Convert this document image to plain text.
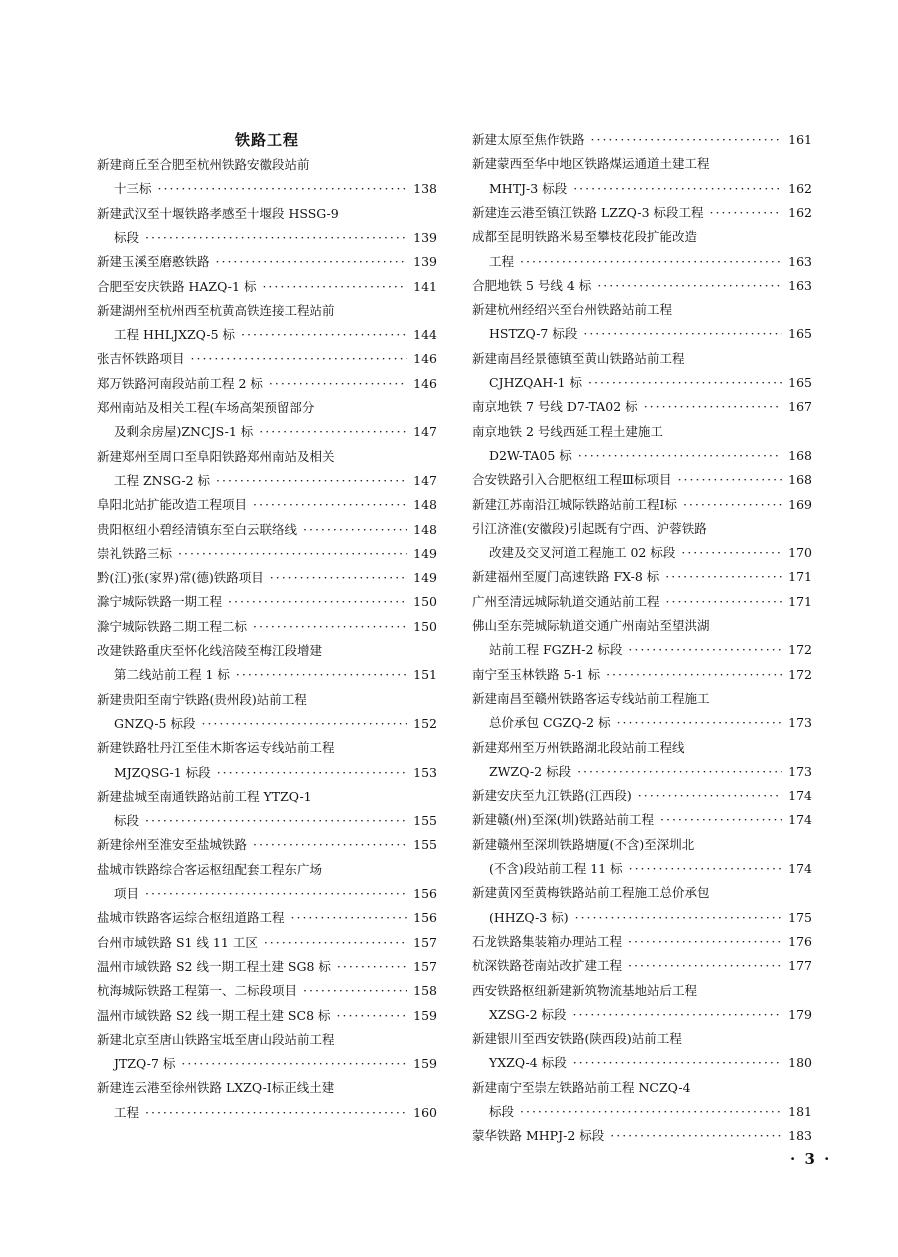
铁路工程
新建商丘至合肥至杭州铁路安徽段站前
十三标 ·····	138
新建武汉至十堰铁路孝感至十堰段 HSSG-9
标段 ·····	139
新建玉溪至磨憨铁路 ·····	139
合肥至安庆铁路 HAZQ-1 标 ·····	141
新建湖州至杭州西至杭黄高铁连接工程站前
工程 HHLJXZQ-5 标 ·····	144
张吉怀铁路项目 ·····	146
郑万铁路河南段站前工程 2 标 ·····	146
郑州南站及相关工程(车场高架预留部分
及剩余房屋)ZNCJS-1 标 ·····	147
新建郑州至周口至阜阳铁路郑州南站及相关
工程 ZNSG-2 标 ·····	147
阜阳北站扩能改造工程项目 ·····	148
贵阳枢纽小碧经清镇东至白云联络线 ·····	148
崇礼铁路三标 ·····	149
黔(江)张(家界)常(德)铁路项目 ·····	149
滁宁城际铁路一期工程 ·····	150
滁宁城际铁路二期工程二标 ·····	150
改建铁路重庆至怀化线涪陵至梅江段增建
第二线站前工程 1 标 ·····	151
新建贵阳至南宁铁路(贵州段)站前工程
GNZQ-5 标段 ·····	152
新建铁路牡丹江至佳木斯客运专线站前工程
MJZQSG-1 标段 ·····	153
新建盐城至南通铁路站前工程 YTZQ-1
标段 ·····	155
新建徐州至淮安至盐城铁路 ·····	155
盐城市铁路综合客运枢纽配套工程东广场
项目 ·····	156
盐城市铁路客运综合枢纽道路工程 ·····	156
台州市域铁路 S1 线 11 工区 ·····	157
温州市域铁路 S2 线一期工程土建 SG8 标 ·····	157
杭海城际铁路工程第一、二标段项目 ·····	158
温州市域铁路 S2 线一期工程土建 SC8 标 ·····	159
新建北京至唐山铁路宝坻至唐山段站前工程
JTZQ-7 标 ·····	159
新建连云港至徐州铁路 LXZQ-Ⅰ标正线土建
工程 ·····	160
新建太原至焦作铁路 ·····	161
新建蒙西至华中地区铁路煤运通道土建工程
MHTJ-3 标段 ·····	162
新建连云港至镇江铁路 LZZQ-3 标段工程 ·····	162
成都至昆明铁路米易至攀枝花段扩能改造
工程 ·····	163
合肥地铁 5 号线 4 标 ·····	163
新建杭州经绍兴至台州铁路站前工程
HSTZQ-7 标段 ·····	165
新建南昌经景德镇至黄山铁路站前工程
CJHZQAH-1 标 ·····	165
南京地铁 7 号线 D7-TA02 标 ·····	167
南京地铁 2 号线西延工程土建施工
D2W-TA05 标 ·····	168
合安铁路引入合肥枢纽工程Ⅲ标项目 ·····	168
新建江苏南沿江城际铁路站前工程Ⅰ标 ·····	169
引江济淮(安徽段)引起既有宁西、沪蓉铁路
改建及交叉河道工程施工 02 标段 ·····	170
新建福州至厦门高速铁路 FX-8 标 ·····	171
广州至清远城际轨道交通站前工程 ·····	171
佛山至东莞城际轨道交通广州南站至望洪湖
站前工程 FGZH-2 标段 ·····	172
南宁至玉林铁路 5-1 标 ·····	172
新建南昌至赣州铁路客运专线站前工程施工
总价承包 CGZQ-2 标 ·····	173
新建郑州至万州铁路湖北段站前工程线
ZWZQ-2 标段 ·····	173
新建安庆至九江铁路(江西段) ·····	174
新建赣(州)至深(圳)铁路站前工程 ·····	174
新建赣州至深圳铁路塘厦(不含)至深圳北
(不含)段站前工程 11 标 ·····	174
新建黄冈至黄梅铁路站前工程施工总价承包
(HHZQ-3 标) ·····	175
石龙铁路集装箱办理站工程 ·····	176
杭深铁路苍南站改扩建工程 ·····	177
西安铁路枢纽新建新筑物流基地站后工程
XZSG-2 标段 ·····	179
新建银川至西安铁路(陕西段)站前工程
YXZQ-4 标段 ·····	180
新建南宁至崇左铁路站前工程 NCZQ-4
标段 ·····	181
蒙华铁路 MHPJ-2 标段 ·····	183
· 3 ·
